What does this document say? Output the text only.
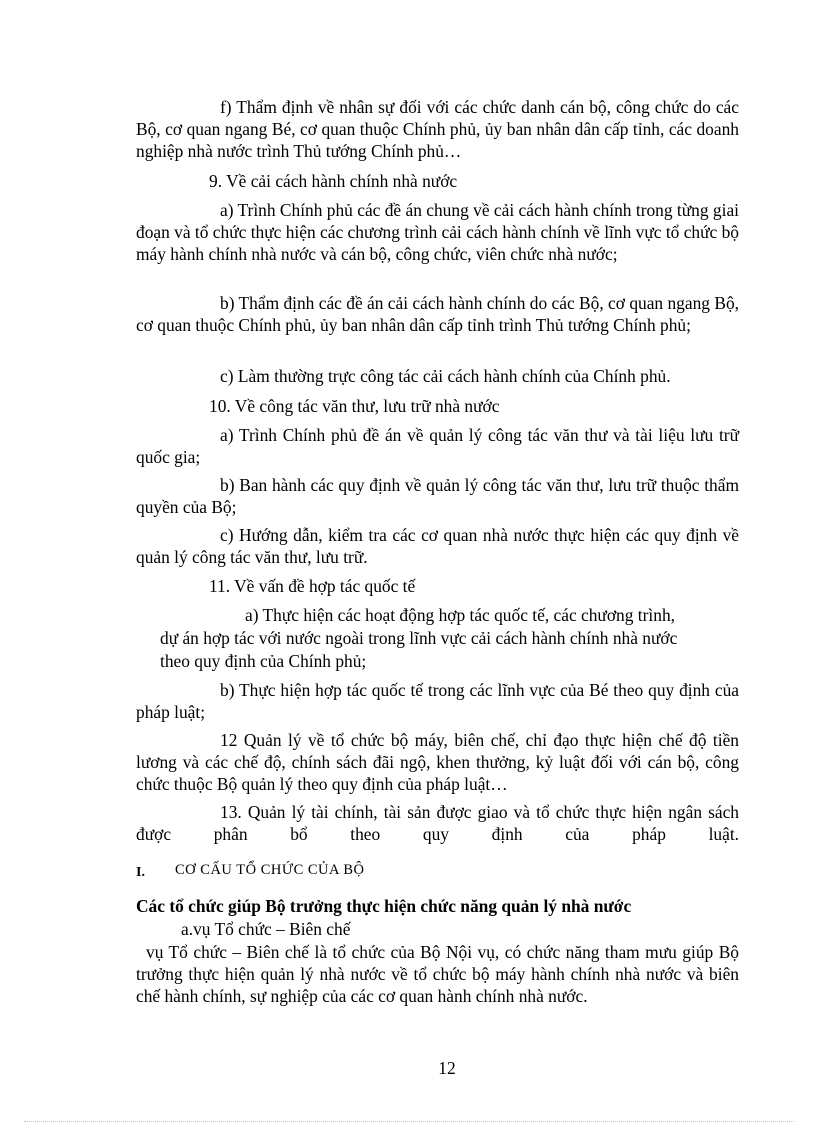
f) Thẩm định về nhân sự đối với các chức danh cán bộ, công chức do các Bộ, cơ quan ngang Bé, cơ quan thuộc Chính phủ, ủy ban nhân dân cấp tỉnh, các doanh nghiệp nhà nước trình Thủ tướng Chính phủ…

9. Về cải cách hành chính nhà nước

a) Trình Chính phủ các đề án chung về cải cách hành chính trong từng giai đoạn và tổ chức thực hiện các chương trình cải cách hành chính về lĩnh vực tổ chức bộ máy hành chính nhà nước và cán bộ, công chức, viên chức nhà nước;

b) Thẩm định các đề án cải cách hành chính do các Bộ, cơ quan ngang Bộ, cơ quan thuộc Chính phủ, ủy ban nhân dân cấp tỉnh trình Thủ tướng Chính phủ;

c) Làm thường trực công tác cải cách hành chính của Chính phủ.

10. Về công tác văn thư, lưu trữ nhà nước

a) Trình Chính phủ đề án về quản lý công tác văn thư và tài liệu lưu trữ quốc gia;

b) Ban hành các quy định về quản lý công tác văn thư, lưu trữ thuộc thẩm quyền của Bộ;

c) Hướng dẫn, kiểm tra các cơ quan nhà nước thực hiện các quy định về quản lý công tác văn thư, lưu trữ.

11. Về vấn đề hợp tác quốc tế

a) Thực hiện các hoạt động hợp tác quốc tế, các chương trình,

dự án hợp tác với nước ngoài trong lĩnh vực cải cách hành chính nhà nước

theo quy định của Chính phủ;

b) Thực hiện hợp tác quốc tế trong các lĩnh vực của Bé theo quy định của pháp luật;

12 Quản lý về tổ chức bộ máy, biên chế, chỉ đạo thực hiện chế độ tiền lương và các chế độ, chính sách đãi ngộ, khen thưởng, kỷ luật đối với cán bộ, công chức thuộc Bộ quản lý theo quy định của pháp luật…

13. Quản lý tài chính, tài sản được giao và tổ chức thực hiện ngân sách được phân bổ theo quy định của pháp luật.

I. CƠ CẤU TỔ CHỨC CỦA BỘ

Các tổ chức giúp Bộ trưởng thực hiện chức năng quản lý nhà nước

a.vụ Tổ chức – Biên chế

vụ Tổ chức – Biên chế là tổ chức của Bộ Nội vụ, có chức năng tham mưu giúp Bộ trưởng thực hiện quản lý nhà nước về tổ chức bộ máy hành chính nhà nước và biên chế hành chính, sự nghiệp của các cơ quan hành chính nhà nước.

12
